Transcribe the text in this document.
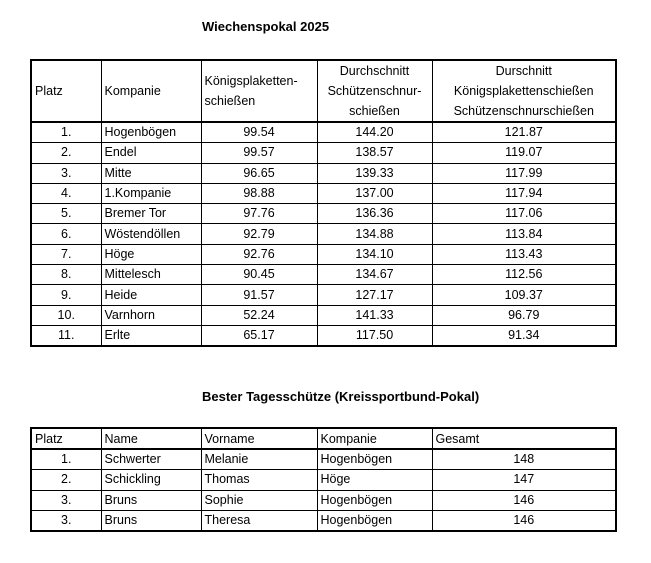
Wiechenspokal 2025
Platz	Kompanie	Königsplaketten-schießen	Durchschnitt Schützenschnur-schießen	Durschnitt Königsplakettenschießen Schützenschnurschießen
1.	Hogenbögen	99.54	144.20	121.87
2.	Endel	99.57	138.57	119.07
3.	Mitte	96.65	139.33	117.99
4.	1.Kompanie	98.88	137.00	117.94
5.	Bremer Tor	97.76	136.36	117.06
6.	Wöstendöllen	92.79	134.88	113.84
7.	Höge	92.76	134.10	113.43
8.	Mittelesch	90.45	134.67	112.56
9.	Heide	91.57	127.17	109.37
10.	Varnhorn	52.24	141.33	96.79
11.	Erlte	65.17	117.50	91.34
Bester Tagesschütze (Kreissportbund-Pokal)
Platz	Name	Vorname	Kompanie	Gesamt
1.	Schwerter	Melanie	Hogenbögen	148
2.	Schickling	Thomas	Höge	147
3.	Bruns	Sophie	Hogenbögen	146
3.	Bruns	Theresa	Hogenbögen	146
